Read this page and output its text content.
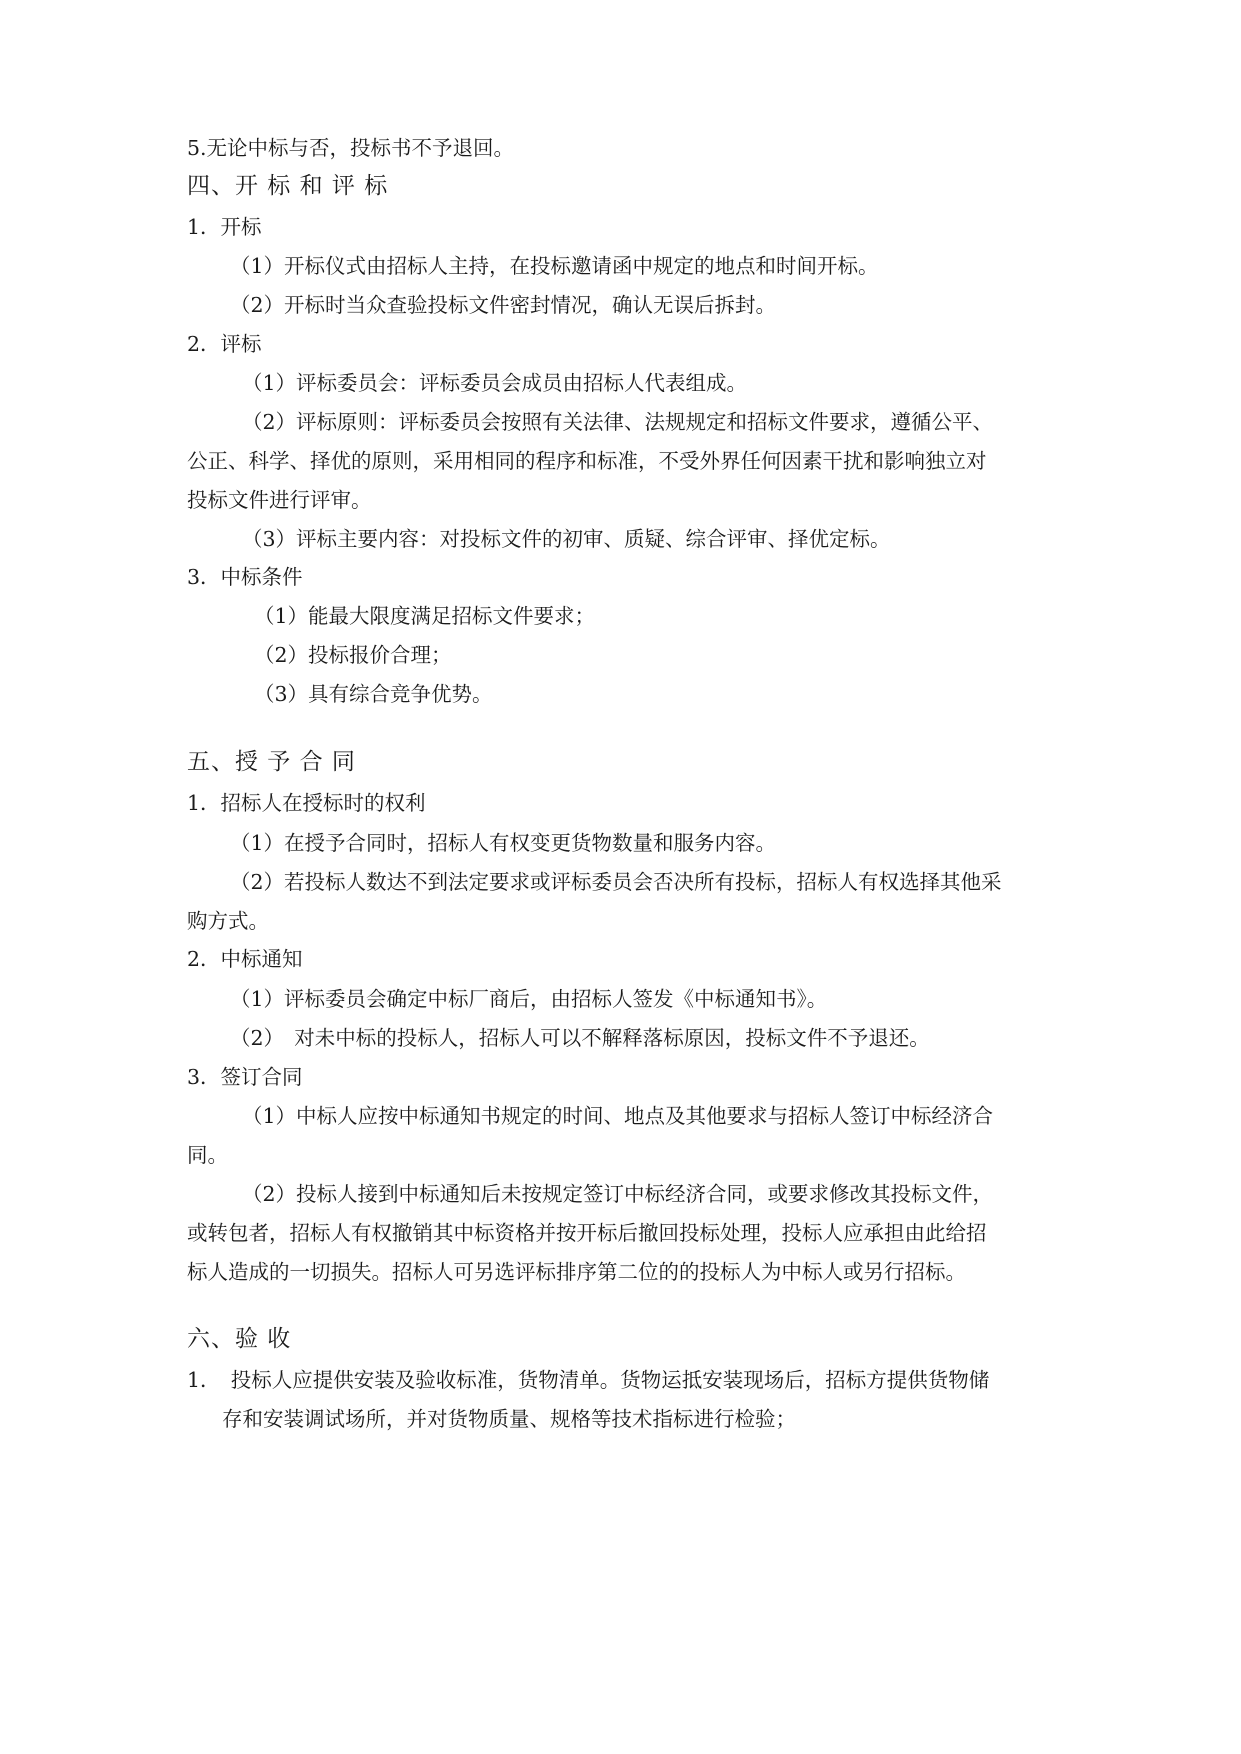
5.无论中标与否，投标书不予退回。
四、开 标 和 评 标
1．开标
（1）开标仪式由招标人主持，在投标邀请函中规定的地点和时间开标。
（2）开标时当众查验投标文件密封情况，确认无误后拆封。
2．评标
（1）评标委员会：评标委员会成员由招标人代表组成。
（2）评标原则：评标委员会按照有关法律、法规规定和招标文件要求，遵循公平、
公正、科学、择优的原则，采用相同的程序和标准，不受外界任何因素干扰和影响独立对
投标文件进行评审。
（3）评标主要内容：对投标文件的初审、质疑、综合评审、择优定标。
3．中标条件
（1）能最大限度满足招标文件要求；
（2）投标报价合理；
（3）具有综合竞争优势。
五、授 予 合 同
1．招标人在授标时的权利
（1）在授予合同时，招标人有权变更货物数量和服务内容。
（2）若投标人数达不到法定要求或评标委员会否决所有投标，招标人有权选择其他采
购方式。
2．中标通知
（1）评标委员会确定中标厂商后，由招标人签发《中标通知书》。
（2）　对未中标的投标人，招标人可以不解释落标原因，投标文件不予退还。
3．签订合同
（1）中标人应按中标通知书规定的时间、地点及其他要求与招标人签订中标经济合
同。
（2）投标人接到中标通知后未按规定签订中标经济合同，或要求修改其投标文件，
或转包者，招标人有权撤销其中标资格并按开标后撤回投标处理，投标人应承担由此给招
标人造成的一切损失。招标人可另选评标排序第二位的的投标人为中标人或另行招标。
六、验 收
1．　投标人应提供安装及验收标准，货物清单。货物运抵安装现场后，招标方提供货物储
存和安装调试场所，并对货物质量、规格等技术指标进行检验；
